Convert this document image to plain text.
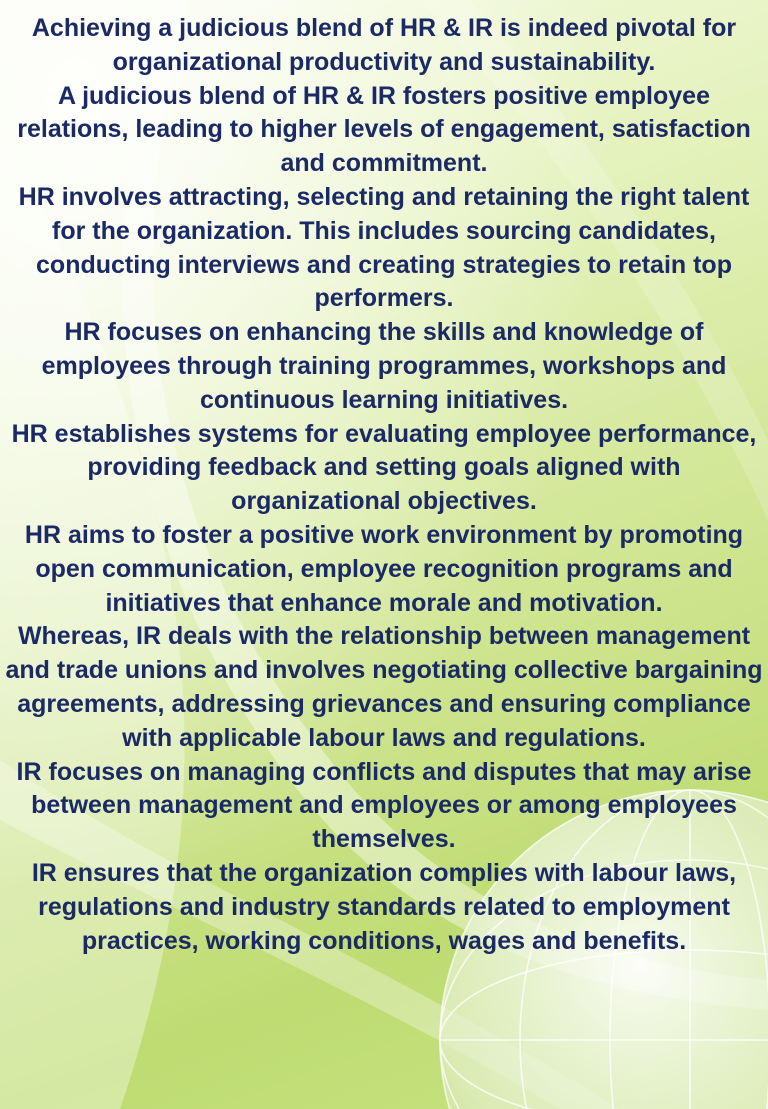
Achieving a judicious blend of HR & IR is indeed pivotal for organizational productivity and sustainability.

A judicious blend of HR & IR fosters positive employee relations, leading to higher levels of engagement, satisfaction and commitment.

HR involves attracting, selecting and retaining the right talent for the organization. This includes sourcing candidates, conducting interviews and creating strategies to retain top performers.

HR focuses on enhancing the skills and knowledge of employees through training programmes, workshops and continuous learning initiatives.

HR establishes systems for evaluating employee performance, providing feedback and setting goals aligned with organizational objectives.

HR aims to foster a positive work environment by promoting open communication, employee recognition programs and initiatives that enhance morale and motivation.

Whereas, IR deals with the relationship between management and trade unions and involves negotiating collective bargaining agreements, addressing grievances and ensuring compliance with applicable labour laws and regulations.

IR focuses on managing conflicts and disputes that may arise between management and employees or among employees themselves.

IR ensures that the organization complies with labour laws, regulations and industry standards related to employment practices, working conditions, wages and benefits.
